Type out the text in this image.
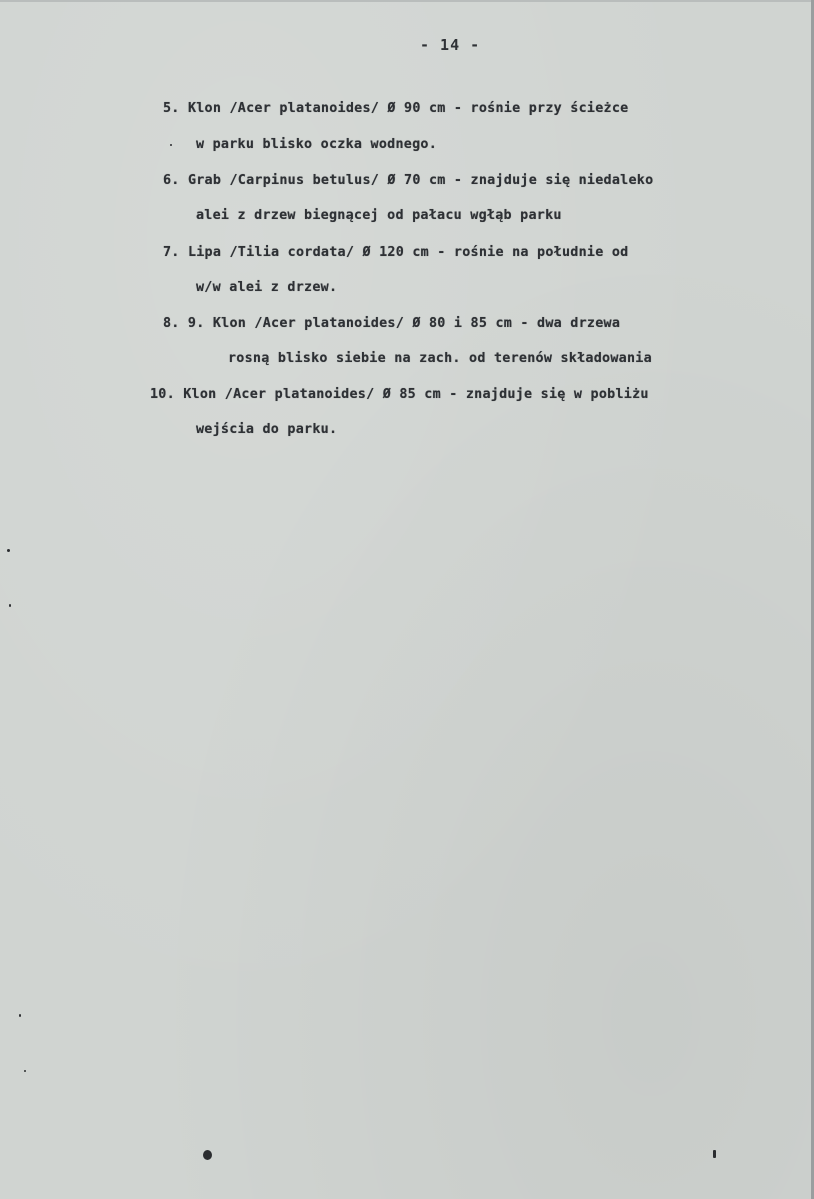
- 14 -
5. Klon /Acer platanoides/ Ø 90 cm - rośnie przy ścieżce
w parku blisko oczka wodnego.
6. Grab /Carpinus betulus/ Ø 70 cm - znajduje się niedaleko
alei z drzew biegnącej od pałacu wgłąb parku
7. Lipa /Tilia cordata/ Ø 120 cm - rośnie na południe od
w/w alei z drzew.
8. 9. Klon /Acer platanoides/ Ø 80 i 85 cm - dwa drzewa
rosną blisko siebie na zach. od terenów składowania
10. Klon /Acer platanoides/ Ø 85 cm - znajduje się w pobliżu
wejścia do parku.
